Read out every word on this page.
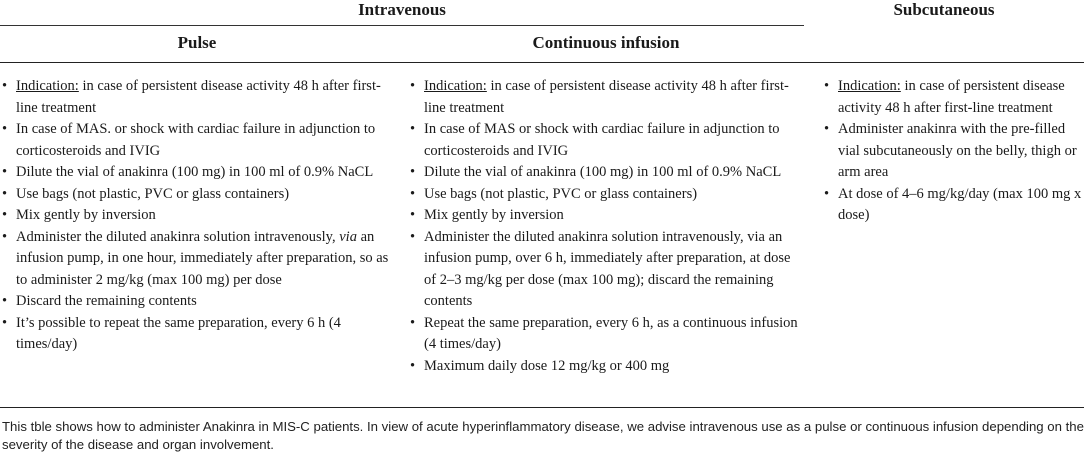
Intravenous	Subcutaneous
Pulse	Continuous infusion
• Indication: in case of persistent disease activity 48 h after first-line treatment
• In case of MAS. or shock with cardiac failure in adjunction to corticosteroids and IVIG
• Dilute the vial of anakinra (100 mg) in 100 ml of 0.9% NaCL
• Use bags (not plastic, PVC or glass containers)
• Mix gently by inversion
• Administer the diluted anakinra solution intravenously, via an infusion pump, in one hour, immediately after preparation, so as to administer 2 mg/kg (max 100 mg) per dose
• Discard the remaining contents
• It’s possible to repeat the same preparation, every 6 h (4 times/day)
• Indication: in case of persistent disease activity 48 h after first-line treatment
• In case of MAS or shock with cardiac failure in adjunction to corticosteroids and IVIG
• Dilute the vial of anakinra (100 mg) in 100 ml of 0.9% NaCL
• Use bags (not plastic, PVC or glass containers)
• Mix gently by inversion
• Administer the diluted anakinra solution intravenously, via an infusion pump, over 6 h, immediately after preparation, at dose of 2–3 mg/kg per dose (max 100 mg); discard the remaining contents
• Repeat the same preparation, every 6 h, as a continuous infusion (4 times/day)
• Maximum daily dose 12 mg/kg or 400 mg
• Indication: in case of persistent disease activity 48 h after first-line treatment
• Administer anakinra with the pre-filled vial subcutaneously on the belly, thigh or arm area
• At dose of 4–6 mg/kg/day (max 100 mg x dose)
This tble shows how to administer Anakinra in MIS-C patients. In view of acute hyperinflammatory disease, we advise intravenous use as a pulse or continuous infusion depending on the severity of the disease and organ involvement.
